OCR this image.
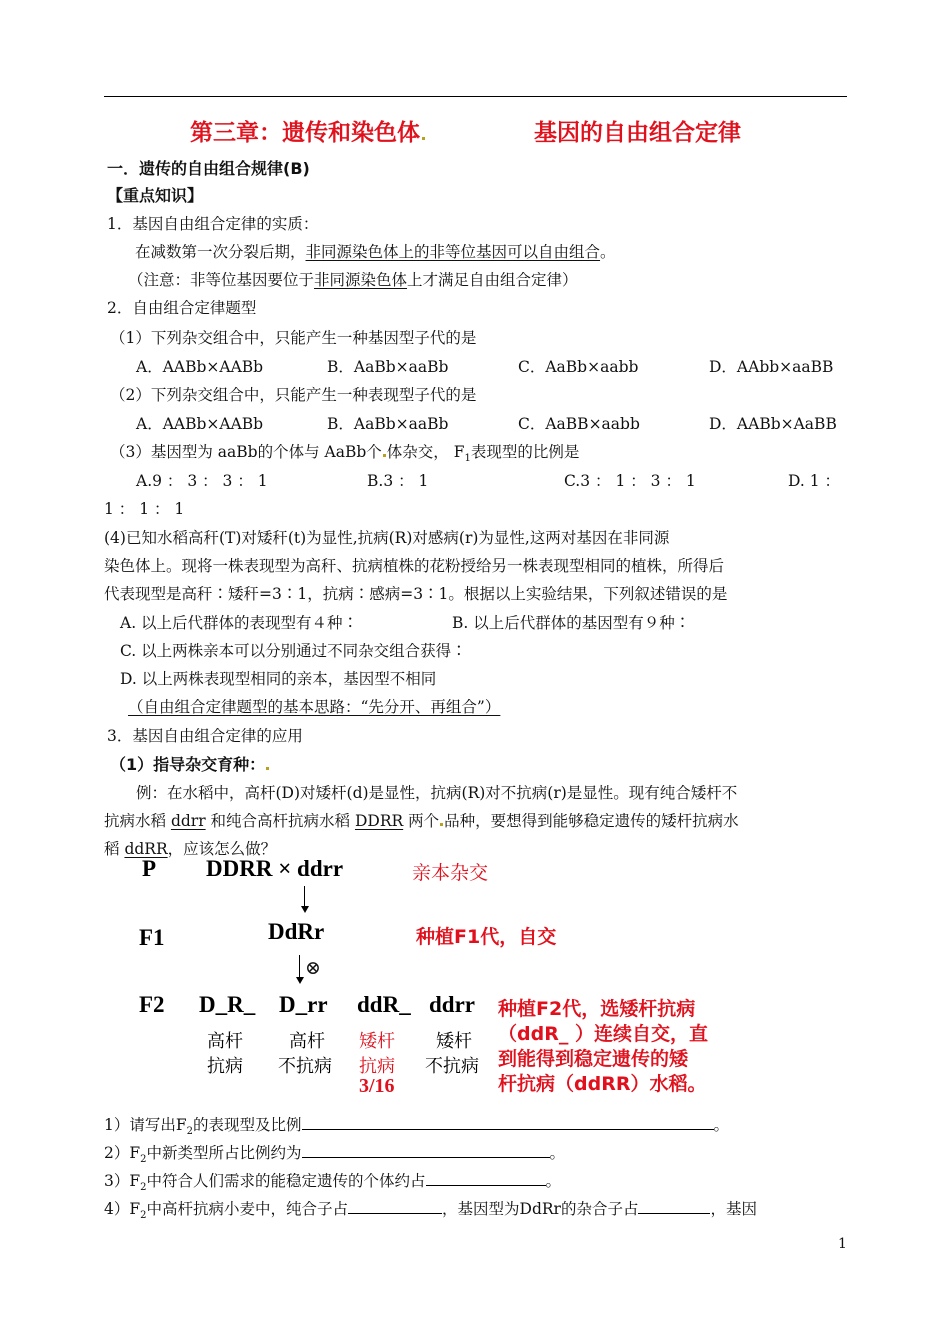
第三章：遗传和染色体	基因的自由组合定律
一．遗传的自由组合规律(B)
【重点知识】
1．基因自由组合定律的实质：
在减数第一次分裂后期，非同源染色体上的非等位基因可以自由组合。
（注意：非等位基因要位于非同源染色体上才满足自由组合定律）
2．自由组合定律题型
（1）下列杂交组合中，只能产生一种基因型子代的是
A．AABb×AABb	B．AaBb×aaBb	C．AaBb×aabb	D．AAbb×aaBB
（2）下列杂交组合中，只能产生一种表现型子代的是
A．AABb×AABb	B．AaBb×aaBb	C．AaBB×aabb	D．AABb×AaBB
（3）基因型为 aaBb的个体与 AaBb个 体杂交， $F_1$表现型的比例是
A.9 ： 3 ： 3 ： 1	B.3 ： 1	C.3 ： 1 ： 3 ： 1	D. 1 ：
1 ： 1 ： 1
(4)已知水稻高秆(T)对矮秆(t)为显性,抗病(R)对感病(r)为显性,这两对基因在非同源
染色体上。现将一株表现型为高秆、抗病植株的花粉授给另一株表现型相同的植株，所得后
代表现型是高秆∶矮秆=3∶1，抗病∶感病=3∶1。根据以上实验结果，下列叙述错误的是
A. 以上后代群体的表现型有４种∶	B. 以上后代群体的基因型有９种∶
C. 以上两株亲本可以分别通过不同杂交组合获得∶
D. 以上两株表现型相同的亲本，基因型不相同
（自由组合定律题型的基本思路：“先分开、再组合”）
3．基因自由组合定律的应用
（1）指导杂交育种：
例：在水稻中，高杆(D)对矮杆(d)是显性，抗病(R)对不抗病(r)是显性。现有纯合矮杆不
抗病水稻 ddrr 和纯合高杆抗病水稻 DDRR 两个 品种，要想得到能够稳定遗传的矮杆抗病水
稻 ddRR，应该怎么做？
P DDRR × ddrr	亲本杂交
F1	DdRr	种植F1代，自交
⊗
F2 D_R_ D_rr ddR_ ddrr
高杆	高杆 矮杆 矮杆
抗病 不抗病 抗病 不抗病
3/16
种植F2代，选矮杆抗病
（ddR_ ）连续自交，直
到能得到稳定遗传的矮
杆抗病（ddRR）水稻。
1）请写出$F_2$的表现型及比例	。
$2)F_2$中新类型所占比例约为	。
$3)F_2$中符合人们需求的能稳定遗传的个体约占	。
$4)F_2$中高杆抗病小麦中，纯合子占	，基因型为DdRr的杂合子占	，基因
1
